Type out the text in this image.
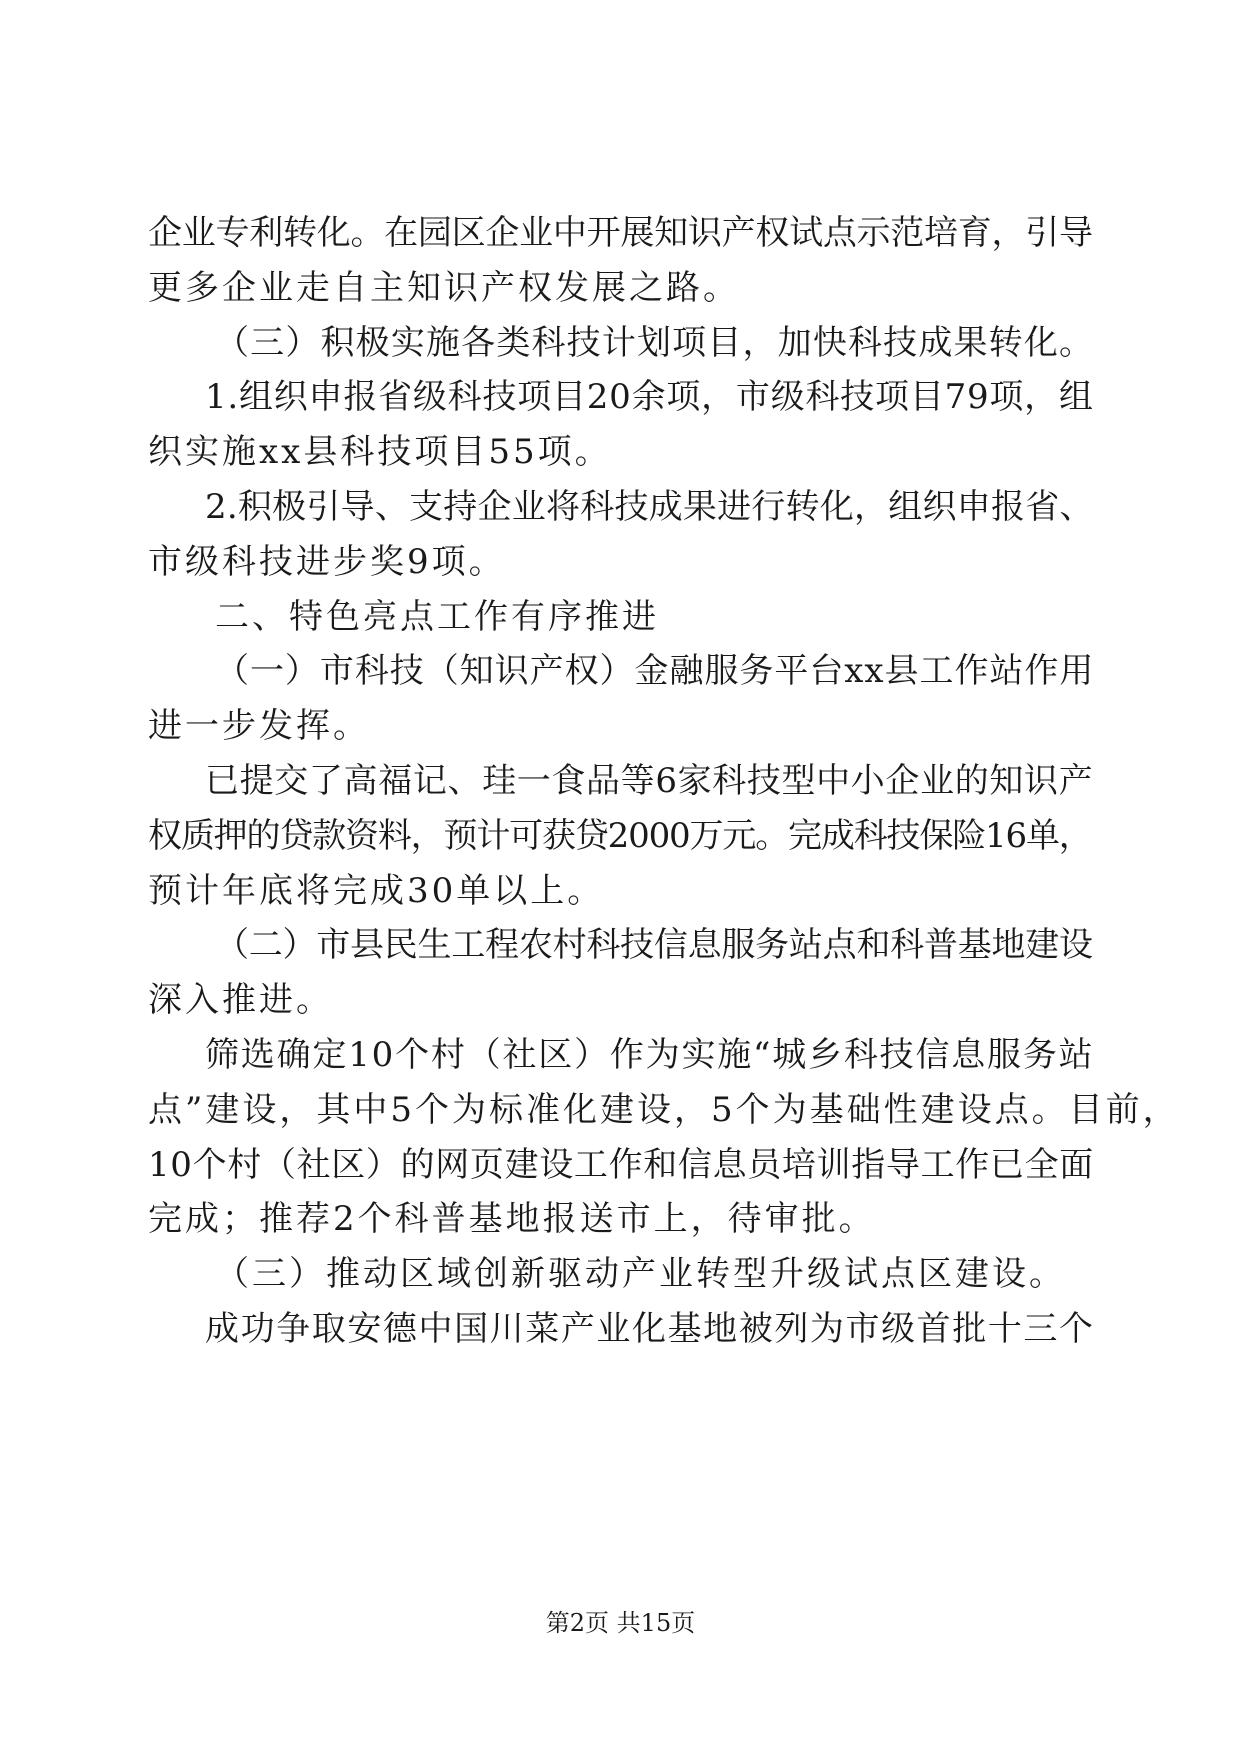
企业专利转化。在园区企业中开展知识产权试点示范培育，引导
更多企业走自主知识产权发展之路。
（三）积极实施各类科技计划项目，加快科技成果转化。
1.组织申报省级科技项目20余项，市级科技项目79项，组
织实施xx县科技项目55项。
2.积极引导、支持企业将科技成果进行转化，组织申报省、
市级科技进步奖9项。
二、特色亮点工作有序推进
（一）市科技（知识产权）金融服务平台xx县工作站作用
进一步发挥。
已提交了高福记、珪一食品等6家科技型中小企业的知识产
权质押的贷款资料，预计可获贷2000万元。完成科技保险16单，
预计年底将完成30单以上。
（二）市县民生工程农村科技信息服务站点和科普基地建设
深入推进。
筛选确定10个村（社区）作为实施“城乡科技信息服务站
点”建设，其中5个为标准化建设，5个为基础性建设点。目前，
10个村（社区）的网页建设工作和信息员培训指导工作已全面
完成；推荐2个科普基地报送市上，待审批。
（三）推动区域创新驱动产业转型升级试点区建设。
成功争取安德中国川菜产业化基地被列为市级首批十三个
第2页 共15页
